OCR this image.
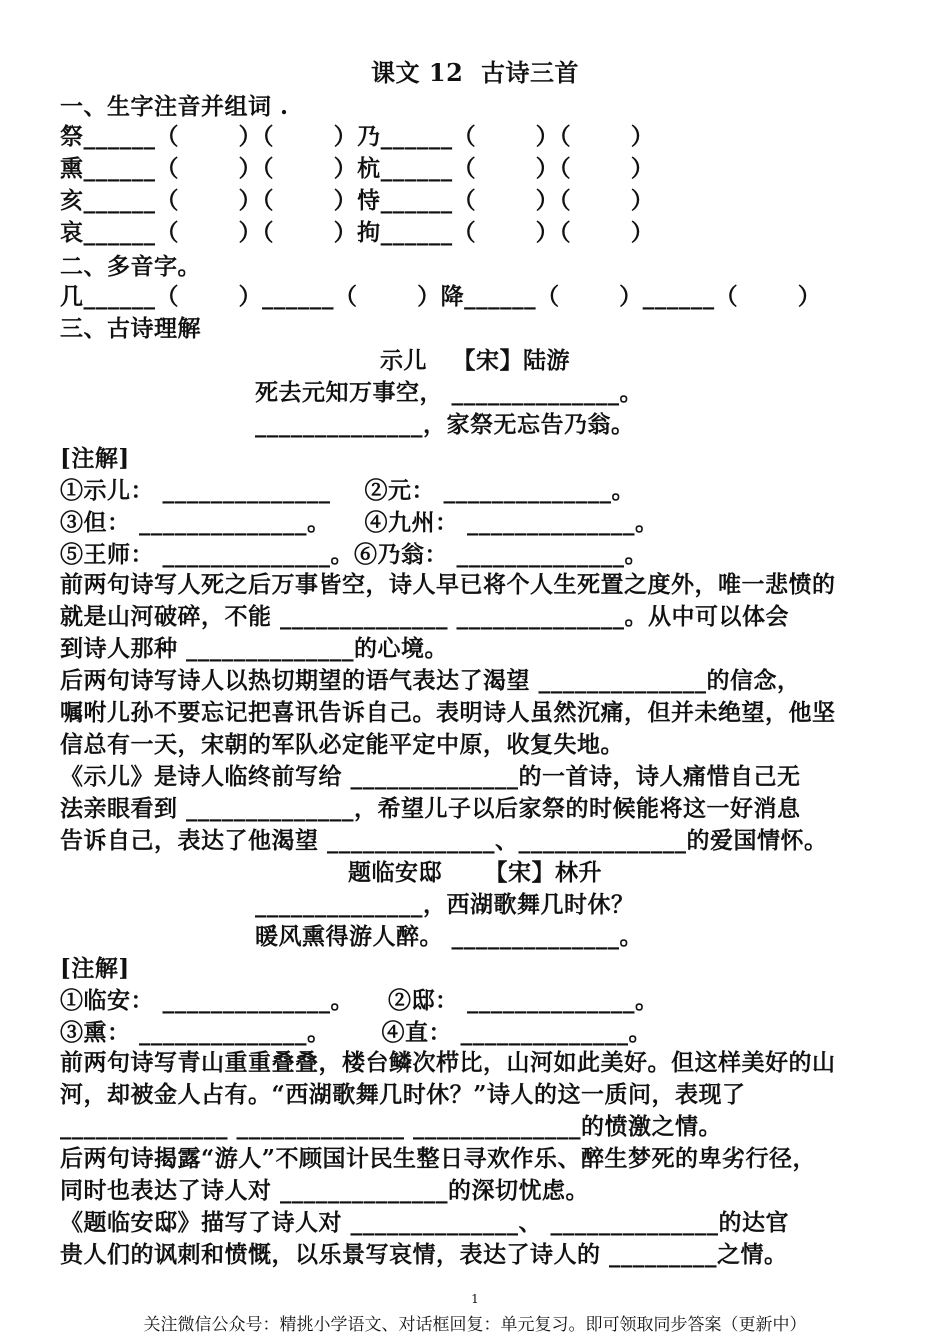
课文 12  古诗三首
一、生字注音并组词 .
祭______（       ）（       ）乃______（       ）（       ）
熏______（       ）（       ）杭______（       ）（       ）
亥______（       ）（       ）恃______（       ）（       ）
哀______（       ）（       ）拘______（       ）（       ）
二、多音字。
几______（       ）______（       ）降______（       ）______（       ）
三、古诗理解
示儿   【宋】陆游
死去元知万事空， ______________。
______________，家祭无忘告乃翁。
[注解]
①示儿： ______________    ②元： ______________。
③但： ______________。    ④九州： ______________。
⑤王师： ______________。⑥乃翁： ______________。
前两句诗写人死之后万事皆空，诗人早已将个人生死置之度外，唯一悲愤的
就是山河破碎，不能 ______________ ______________。从中可以体会
到诗人那种 ______________的心境。
后两句诗写诗人以热切期望的语气表达了渴望 ______________的信念，
嘱咐儿孙不要忘记把喜讯告诉自己。表明诗人虽然沉痛，但并未绝望，他坚
信总有一天，宋朝的军队必定能平定中原，收复失地。
《示儿》是诗人临终前写给 ______________的一首诗，诗人痛惜自己无
法亲眼看到 ______________，希望儿子以后家祭的时候能将这一好消息
告诉自己，表达了他渴望 ______________、______________的爱国情怀。
题临安邸     【宋】林升
______________，西湖歌舞几时休？
暖风熏得游人醉。 ______________。
[注解]
①临安： ______________。    ②邸： ______________。
③熏： ______________。      ④直： ______________。
前两句诗写青山重重叠叠，楼台鳞次栉比，山河如此美好。但这样美好的山
河，却被金人占有。“西湖歌舞几时休？”诗人的这一质问，表现了
______________ ______________ ______________的愤激之情。
后两句诗揭露“游人”不顾国计民生整日寻欢作乐、醉生梦死的卑劣行径，
同时也表达了诗人对 ______________的深切忧虑。
《题临安邸》描写了诗人对 ______________、 ______________的达官
贵人们的讽刺和愤慨，以乐景写哀情，表达了诗人的 _________之情。
1
关注微信公众号：精挑小学语文、对话框回复：单元复习。即可领取同步答案（更新中）
